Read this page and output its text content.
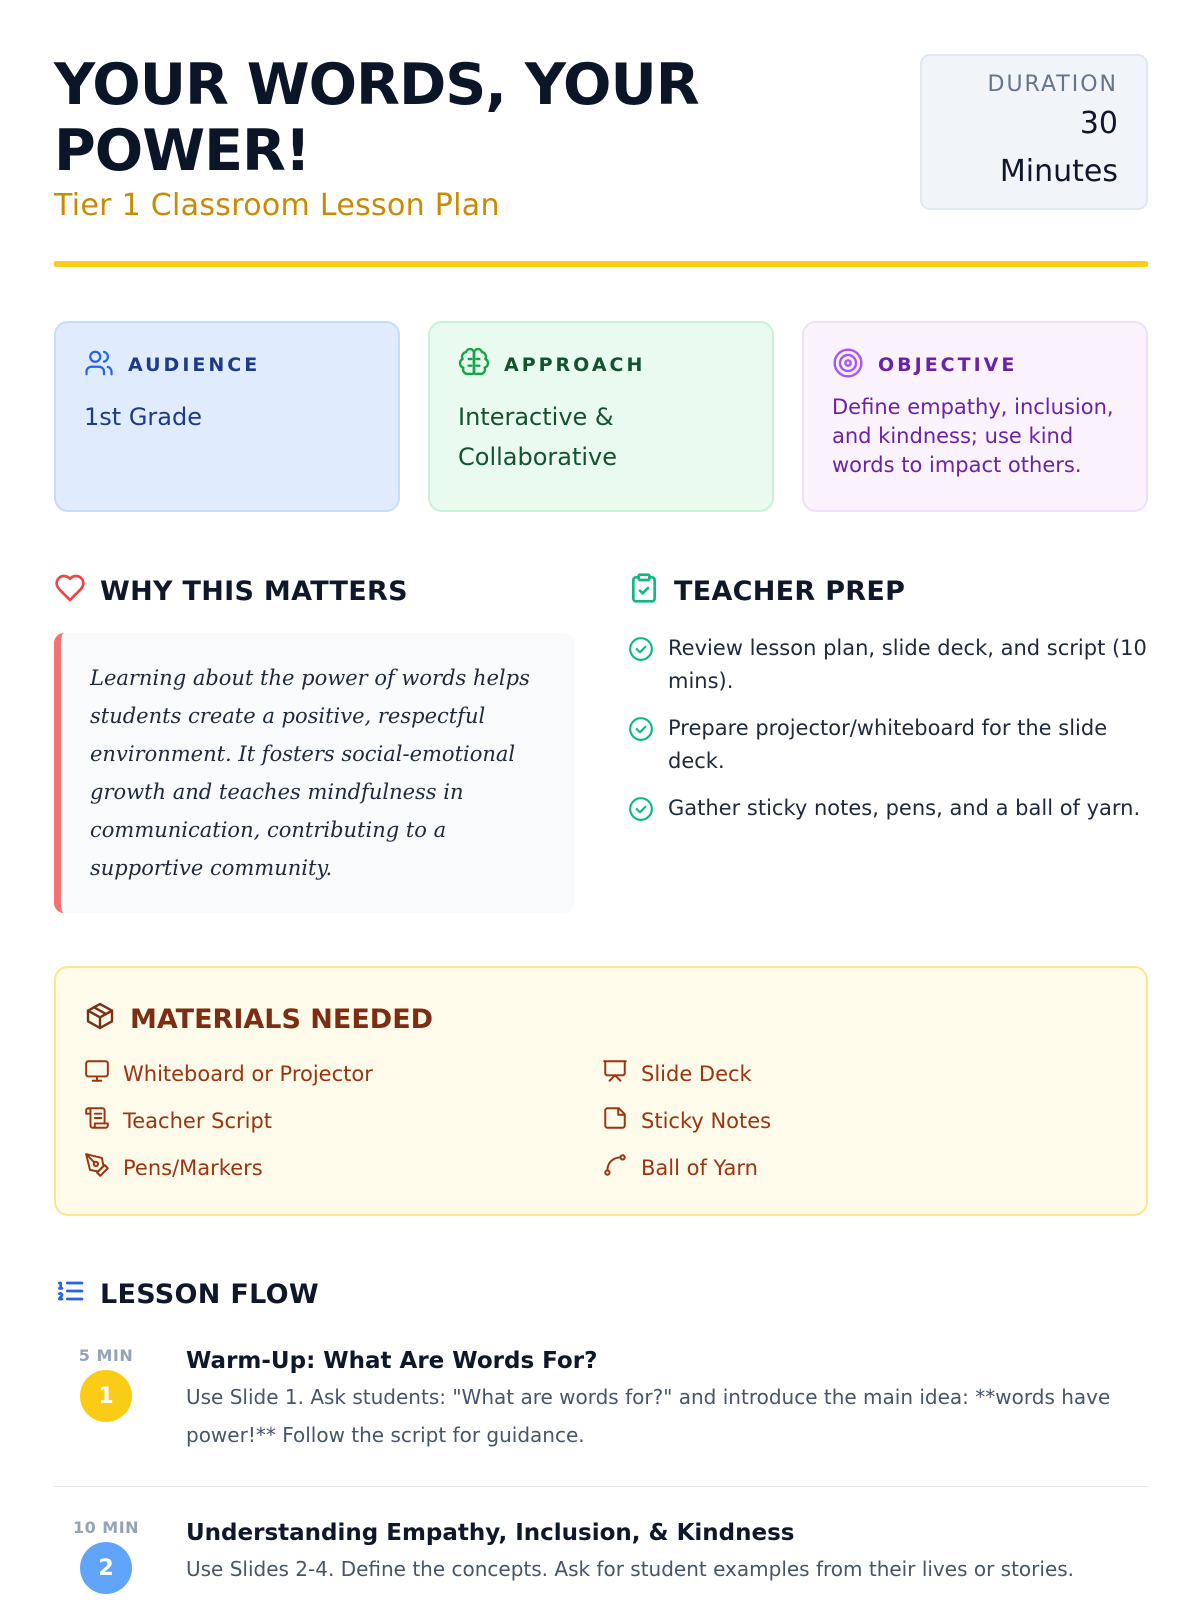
YOUR WORDS, YOUR POWER!
Tier 1 Classroom Lesson Plan
DURATION
30
Minutes
AUDIENCE
1st Grade
APPROACH
Interactive & Collaborative
OBJECTIVE
Define empathy, inclusion, and kindness; use kind words to impact others.
WHY THIS MATTERS

Learning about the power of words helps students create a positive, respectful environment. It fosters social-emotional growth and teaches mindfulness in communication, contributing to a supportive community.

TEACHER PREP
Review lesson plan, slide deck, and script (10 mins).
Prepare projector/whiteboard for the slide deck.
Gather sticky notes, pens, and a ball of yarn.
MATERIALS NEEDED
Whiteboard or Projector	Slide Deck
Teacher Script	Sticky Notes
Pens/Markers	Ball of Yarn
LESSON FLOW
5 MIN
1
Warm-Up: What Are Words For?
Use Slide 1. Ask students: "What are words for?" and introduce the main idea: **words have power!** Follow the script for guidance.
10 MIN
2
Understanding Empathy, Inclusion, & Kindness
Use Slides 2-4. Define the concepts. Ask for student examples from their lives or stories.
